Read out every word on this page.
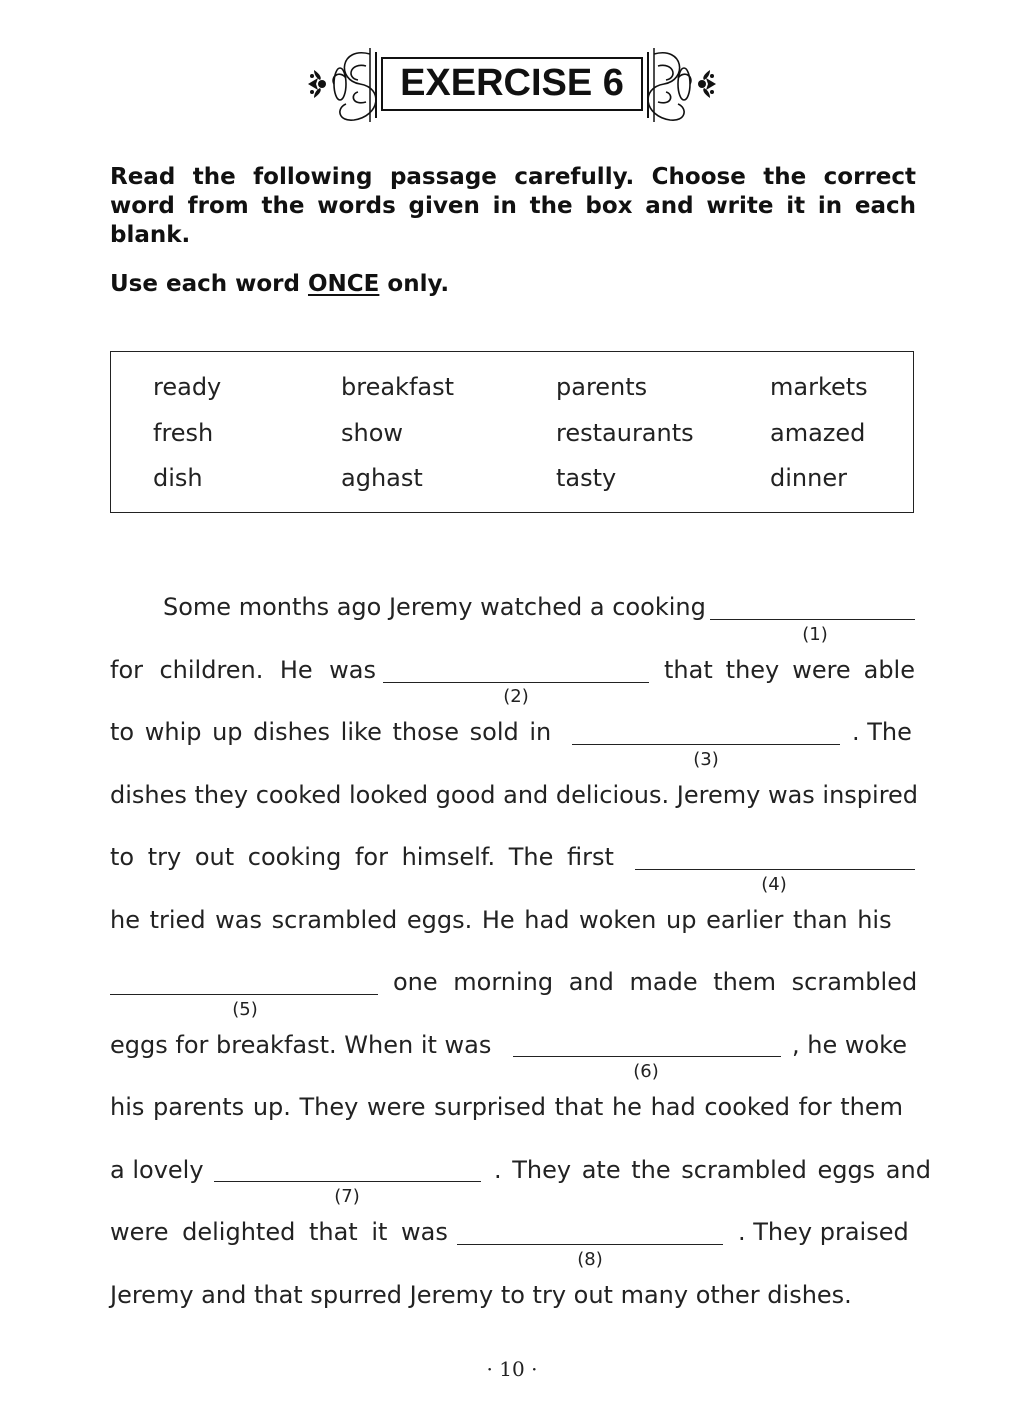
EXERCISE 6
Read the following passage carefully. Choose the correct word from the words given in the box and write it in each blank.
Use each word ONCE only.
ready	breakfast	parents	markets
fresh	show	restaurants	amazed
dish	aghast	tasty	dinner
Some months ago Jeremy watched a cooking
(1)
for children. He was
(2)
that they were able
to whip up dishes like those sold in
(3)
. The
dishes they cooked looked good and delicious. Jeremy was inspired
to try out cooking for himself. The first
(4)
he tried was scrambled eggs. He had woken up earlier than his
(5)
one morning and made them scrambled
eggs for breakfast. When it was
(6)
, he woke
his parents up. They were surprised that he had cooked for them
a lovely
(7)
. They ate the scrambled eggs and
were delighted that it was
(8)
. They praised
Jeremy and that spurred Jeremy to try out many other dishes.
· 10 ·
